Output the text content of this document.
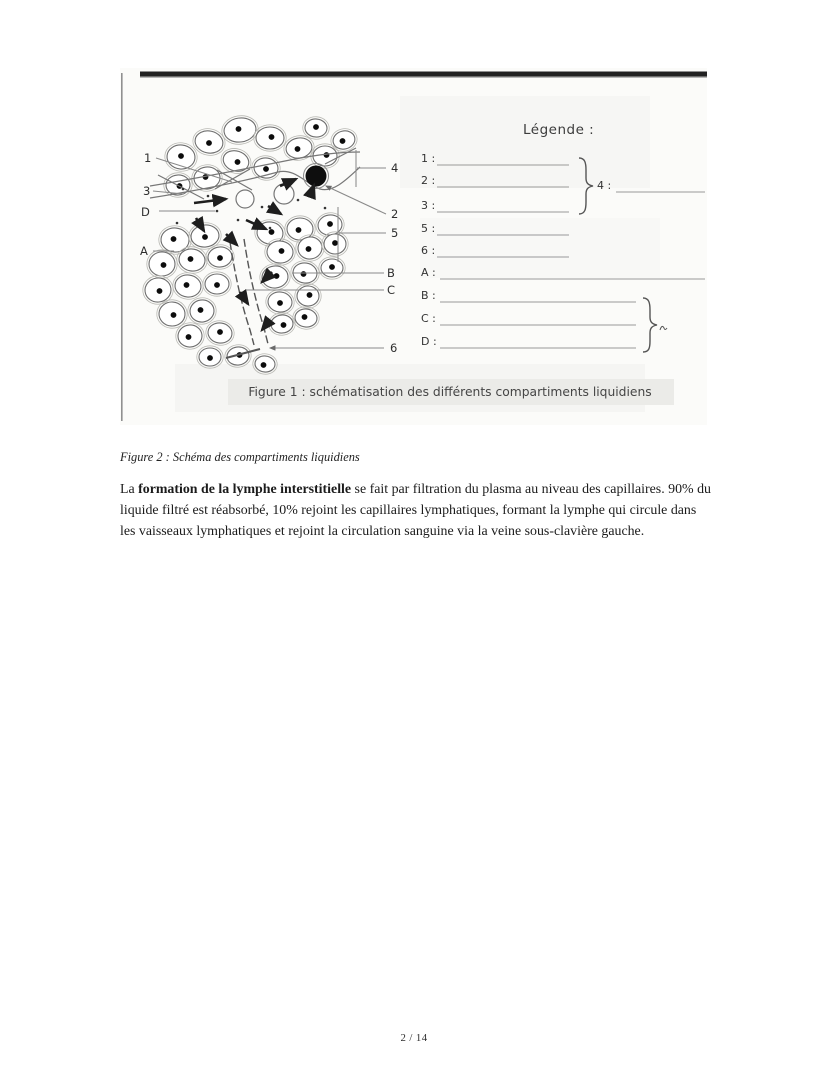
1
3
D
A
4
2
5
B
C
6
Légende :
1 :
2 :
3 :
4 :
5 :
6 :
A :
B :
C :
D :
Figure 1 : schématisation des différents compartiments liquidiens

Figure 2 : Schéma des compartiments liquidiens

La formation de la lymphe interstitielle se fait par filtration du plasma au niveau des capillaires. 90% du liquide filtré est réabsorbé, 10% rejoint les capillaires lymphatiques, formant la lymphe qui circule dans les vaisseaux lymphatiques et rejoint la circulation sanguine via la veine sous-clavière gauche.

2 / 14
